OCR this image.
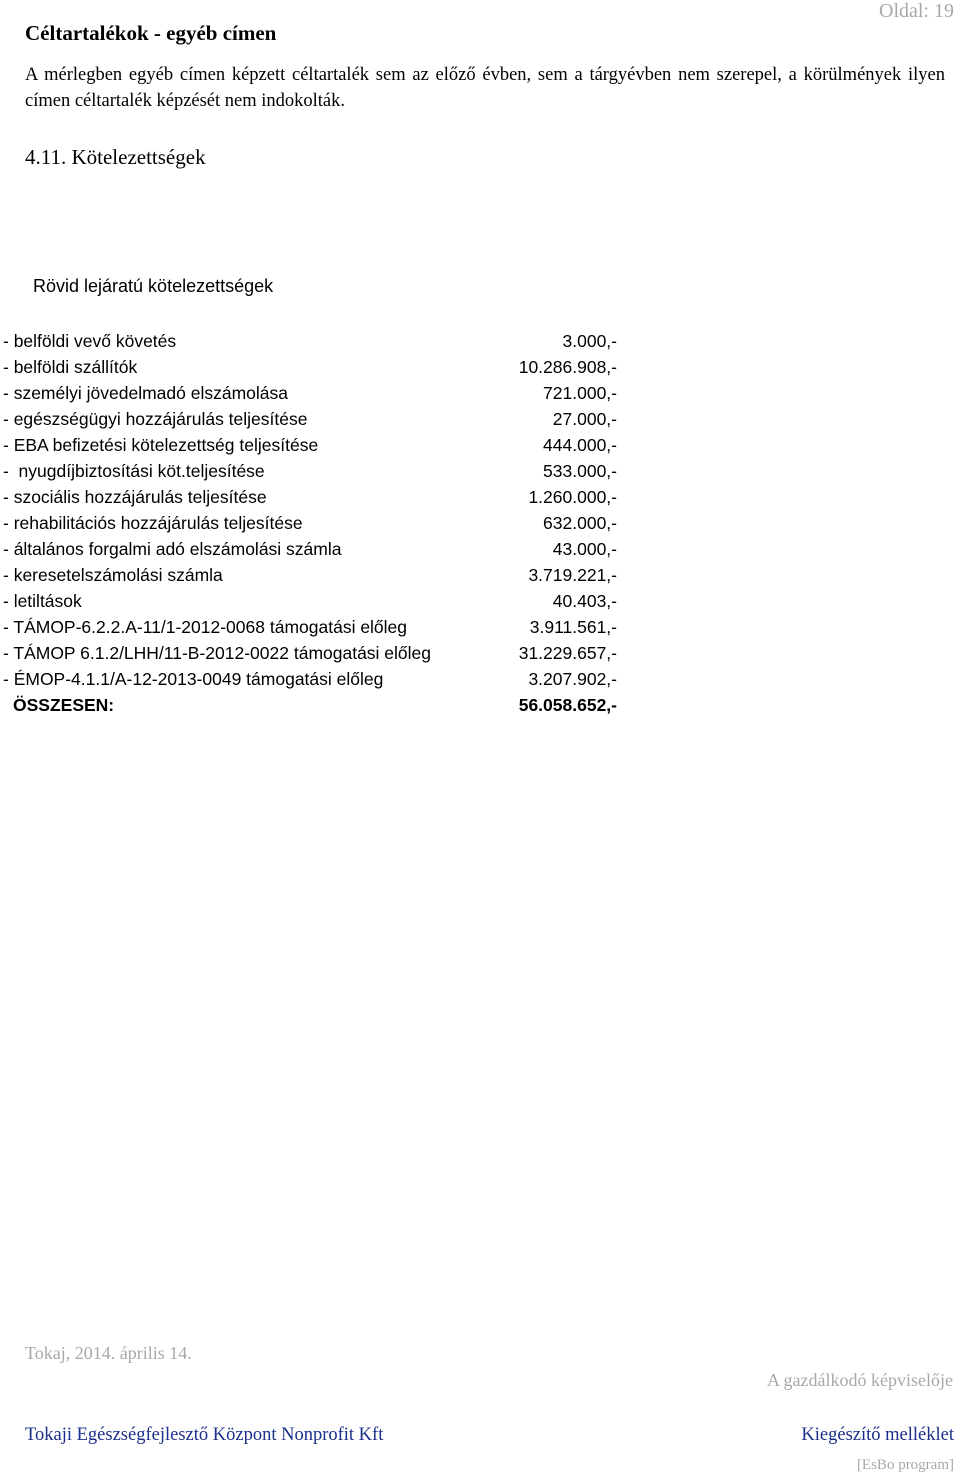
Oldal: 19
Céltartalékok - egyéb címen
A mérlegben egyéb címen képzett céltartalék sem az előző évben, sem a tárgyévben nem szerepel, a körülmények ilyen címen céltartalék képzését nem indokolták.
4.11. Kötelezettségek
Rövid lejáratú kötelezettségek
- belföldi vevő követés	3.000,-
- belföldi szállítók	10.286.908,-
- személyi jövedelmadó elszámolása	721.000,-
- egészségügyi hozzájárulás teljesítése	27.000,-
- EBA befizetési kötelezettség teljesítése	444.000,-
-  nyugdíjbiztosítási köt.teljesítése	533.000,-
- szociális hozzájárulás teljesítése	1.260.000,-
- rehabilitációs hozzájárulás teljesítése	632.000,-
- általános forgalmi adó elszámolási számla	43.000,-
- keresetelszámolási számla	3.719.221,-
- letiltások	40.403,-
- TÁMOP-6.2.2.A-11/1-2012-0068 támogatási előleg	3.911.561,-
- TÁMOP 6.1.2/LHH/11-B-2012-0022 támogatási előleg	31.229.657,-
- ÉMOP-4.1.1/A-12-2013-0049 támogatási előleg	3.207.902,-
ÖSSZESEN:	56.058.652,-
Tokaj, 2014. április 14.
A gazdálkodó képviselője
Tokaji Egészségfejlesztő Központ Nonprofit Kft	Kiegészítő melléklet
[EsBo program]
